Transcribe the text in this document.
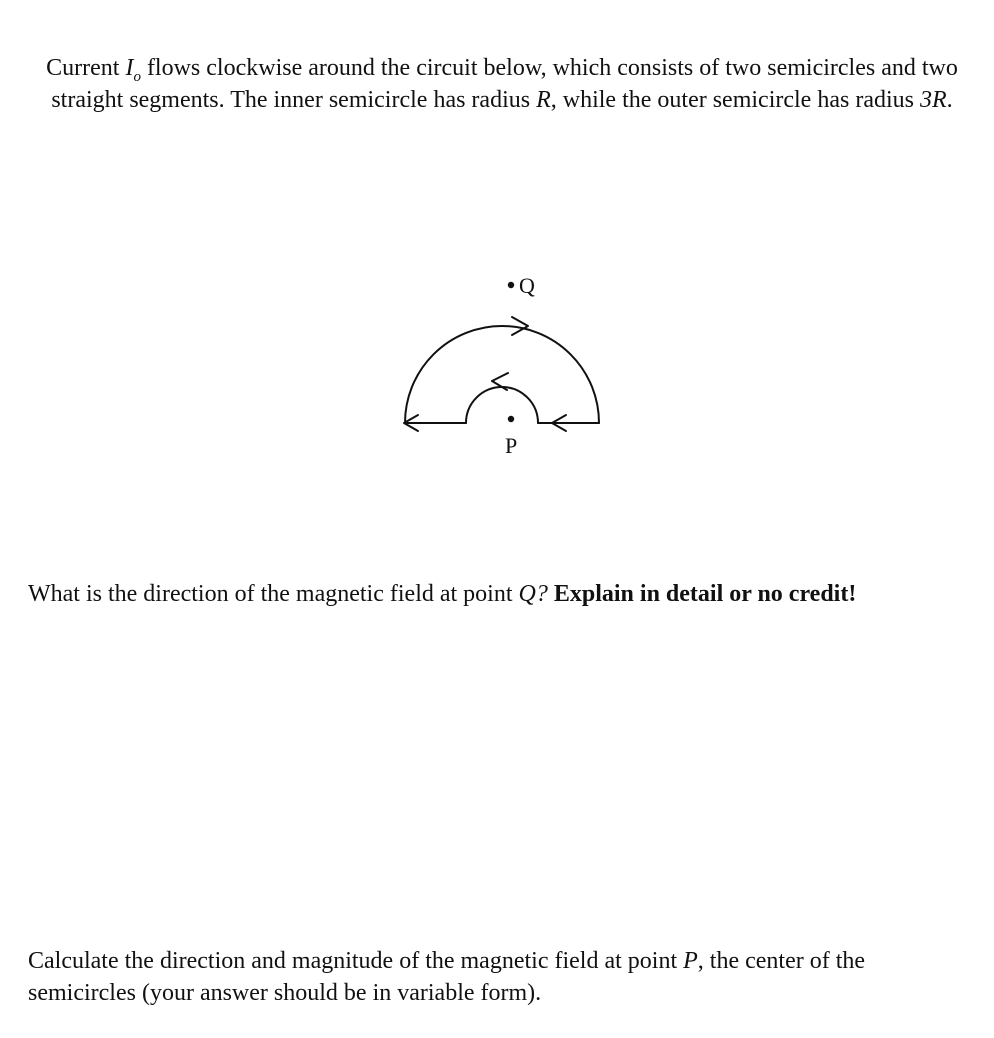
Current $I_o$ flows clockwise around the circuit below, which consists of two semicircles and two straight segments. The inner semicircle has radius R, while the outer semicircle has radius 3R.
Q
P
What is the direction of the magnetic field at point Q? Explain in detail or no credit!
Calculate the direction and magnitude of the magnetic field at point P, the center of the semicircles (your answer should be in variable form).
